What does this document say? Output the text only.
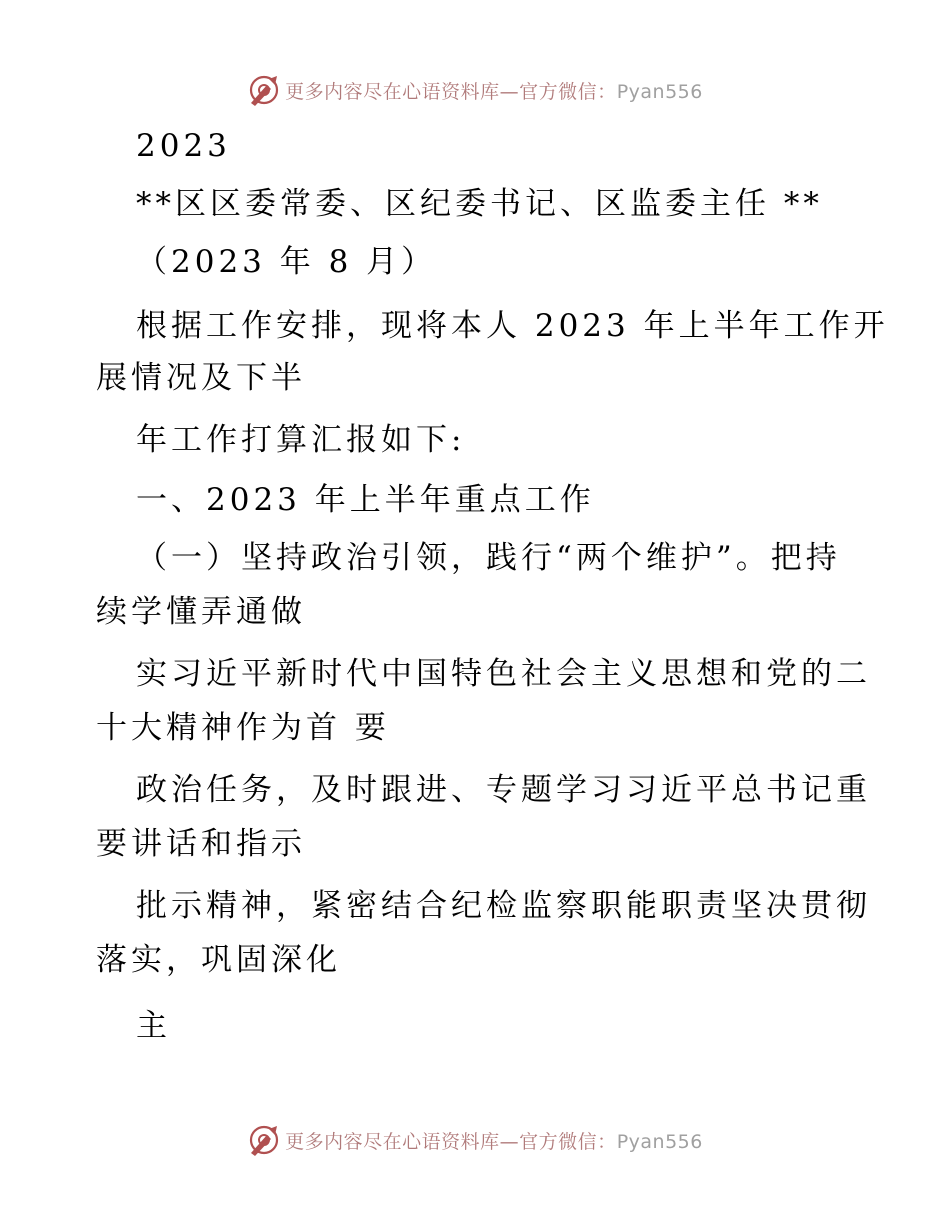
更多内容尽在心语资料库—官方微信：Pyan556

2023

**区区委常委、区纪委书记、区监委主任 **

（2023 年 8 月）

根据工作安排，现将本人 2023 年上半年工作开

展情况及下半

年工作打算汇报如下:

一、2023 年上半年重点工作

（一）坚持政治引领，践行“两个维护”。把持

续学懂弄通做

实习近平新时代中国特色社会主义思想和党的二

十大精神作为首 要

政治任务，及时跟进、专题学习习近平总书记重

要讲话和指示

批示精神，紧密结合纪检监察职能职责坚决贯彻

落实，巩固深化

主

更多内容尽在心语资料库—官方微信：Pyan556
